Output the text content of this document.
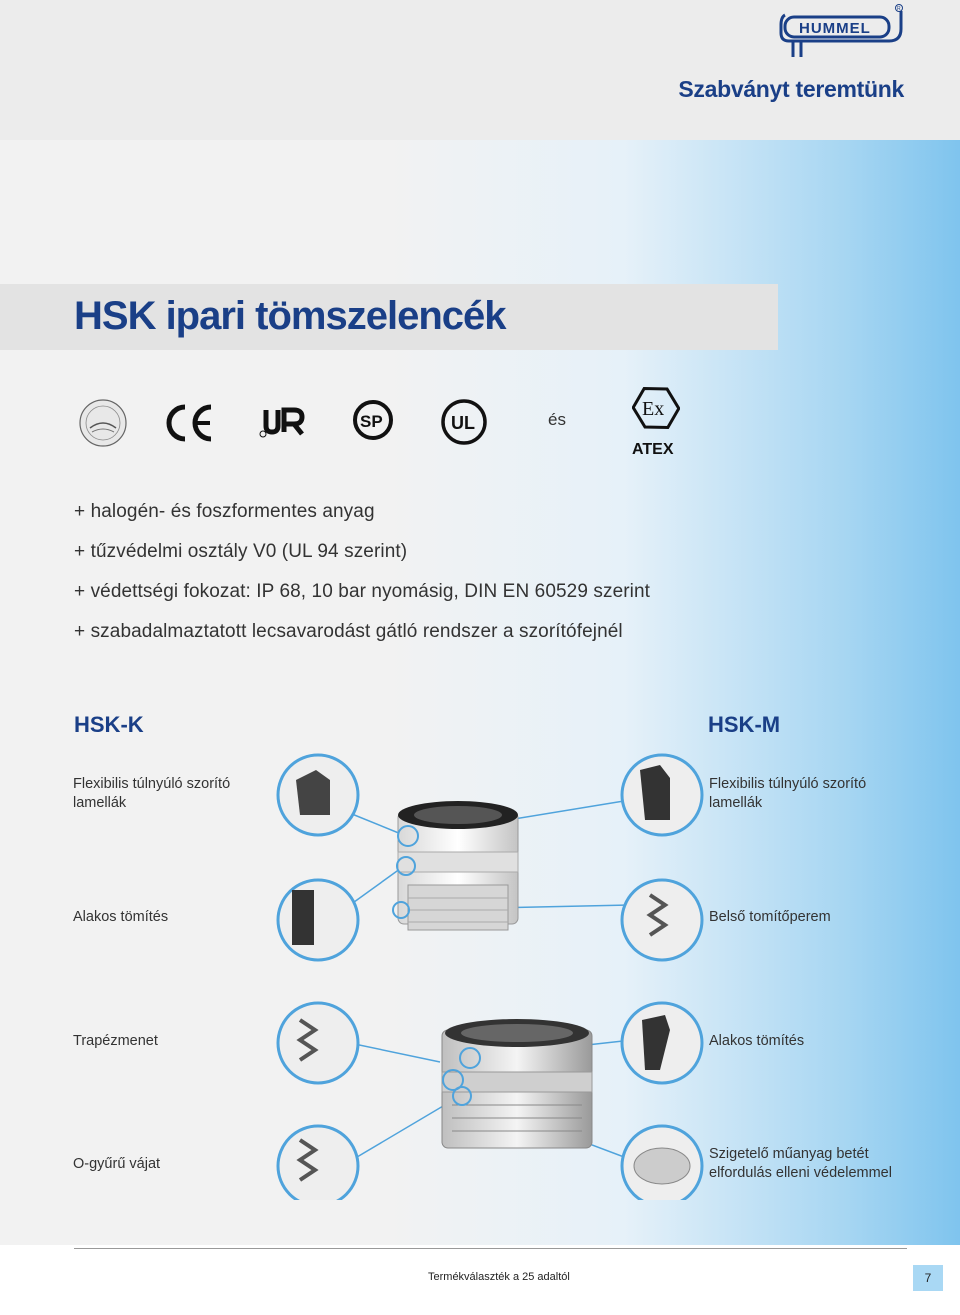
HUMMEL
R
Szabványt teremtünk
HSK ipari tömszelencék
SP	UL	és	Ex
ATEX
+ halogén- és foszformentes anyag
+ tűzvédelmi osztály V0 (UL 94 szerint)
+ védettségi fokozat: IP 68, 10 bar nyomásig, DIN EN 60529 szerint
+ szabadalmaztatott lecsavarodást gátló rendszer a szorítófejnél
HSK-K	HSK-M
Flexibilis túlnyúló szorító lamellák
Alakos tömítés
Trapézmenet
O-gyűrű vájat
Flexibilis túlnyúló szorító lamellák
Belső tomítőperem
Alakos tömítés
Szigetelő műanyag betét elfordulás elleni védelemmel
Termékválaszték a 25 adaltól	7
